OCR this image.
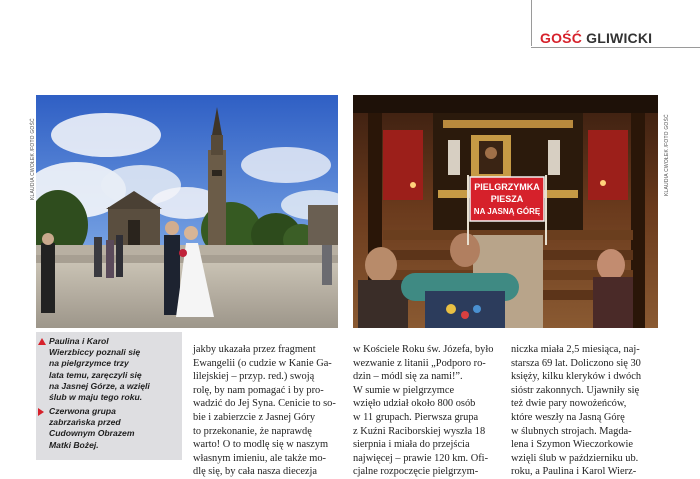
GOŚĆ GLIWICKI
KLAUDIA CWOŁEK /FOTO GOŚĆ	KLAUDIA CWOŁEK /FOTO GOŚĆ
PIELGRZYMKA
PIESZA
NA JASNĄ GÓRĘ
Paulina i Karol
Wierzbiccy poznali się
na pielgrzymce trzy
lata temu, zaręczyli się
na Jasnej Górze, a wzięli
ślub w maju tego roku.
Czerwona grupa
zabrzańska przed
Cudownym Obrazem
Matki Bożej.

jakby ukazała przez fragment
Ewangelii (o cudzie w Kanie Ga-
lilejskiej – przyp. red.) swoją
rolę, by nam pomagać i by pro-
wadzić do Jej Syna. Cenicie to so-
bie i zabierzcie z Jasnej Góry
to przekonanie, że naprawdę
warto! O to modlę się w naszym
własnym imieniu, ale także mo-
dlę się, by cała nasza diecezja

w Kościele Roku św. Józefa, było
wezwanie z litanii „Podporo ro-
dzin – módl się za nami!”.
W sumie w pielgrzymce
wzięło udział około 800 osób
w 11 grupach. Pierwsza grupa
z Kuźni Raciborskiej wyszła 18
sierpnia i miała do przejścia
najwięcej – prawie 120 km. Ofi-
cjalne rozpoczęcie pielgrzym-

niczka miała 2,5 miesiąca, naj-
starsza 69 lat. Doliczono się 30
księży, kilku kleryków i dwóch
sióstr zakonnych. Ujawniły się
też dwie pary nowożeńców,
które weszły na Jasną Górę
w ślubnych strojach. Magda-
lena i Szymon Wieczorkowie
wzięli ślub w październiku ub.
roku, a Paulina i Karol Wierz-
